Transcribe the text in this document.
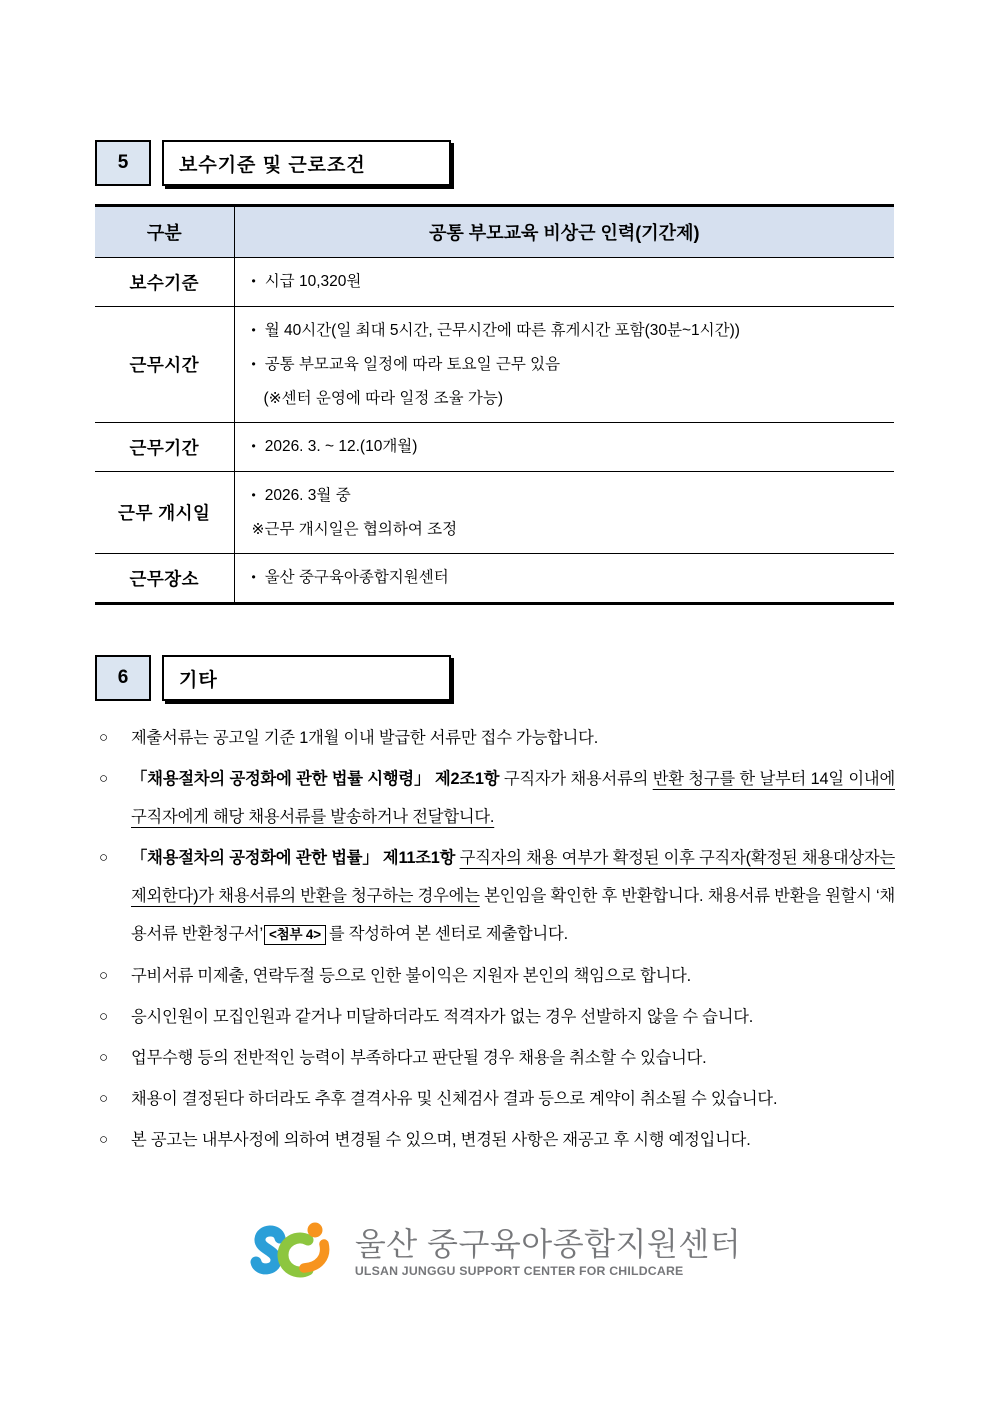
5	보수기준 및 근로조건
구분	공통 부모교육 비상근 인력(기간제)
보수기준	• 시급 10,320원

근무시간	• 월 40시간(일 최대 5시간, 근무시간에 따른 휴게시간 포함(30분~1시간))
• 공통 부모교육 일정에 따라 토요일 근무 있음
(※센터 운영에 따라 일정 조율 가능)

근무기간	• 2026. 3. ~ 12.(10개월)

근무 개시일	• 2026. 3월 중
※근무 개시일은 협의하여 조정

근무장소	• 울산 중구육아종합지원센터
6	기타
○	제출서류는 공고일 기준 1개월 이내 발급한 서류만 접수 가능합니다.
○	「채용절차의 공정화에 관한 법률 시행령」 제2조1항 구직자가 채용서류의 반환 청구를 한 날부터 14일 이내에 구직자에게 해당 채용서류를 발송하거나 전달합니다.
○	「채용절차의 공정화에 관한 법률」 제11조1항 구직자의 채용 여부가 확정된 이후 구직자(확정된 채용대상자는 제외한다)가 채용서류의 반환을 청구하는 경우에는 본인임을 확인한 후 반환합니다. 채용서류 반환을 원할시 ‘채용서류 반환청구서’ <첨부 4> 를 작성하여 본 센터로 제출합니다.
○	구비서류 미제출, 연락두절 등으로 인한 불이익은 지원자 본인의 책임으로 합니다.
○	응시인원이 모집인원과 같거나 미달하더라도 적격자가 없는 경우 선발하지 않을 수 습니다.
○	업무수행 등의 전반적인 능력이 부족하다고 판단될 경우 채용을 취소할 수 있습니다.
○	채용이 결정된다 하더라도 추후 결격사유 및 신체검사 결과 등으로 계약이 취소될 수 있습니다.
○	본 공고는 내부사정에 의하여 변경될 수 있으며, 변경된 사항은 재공고 후 시행 예정입니다.
울산 중구육아종합지원센터
ULSAN JUNGGU SUPPORT CENTER FOR CHILDCARE
